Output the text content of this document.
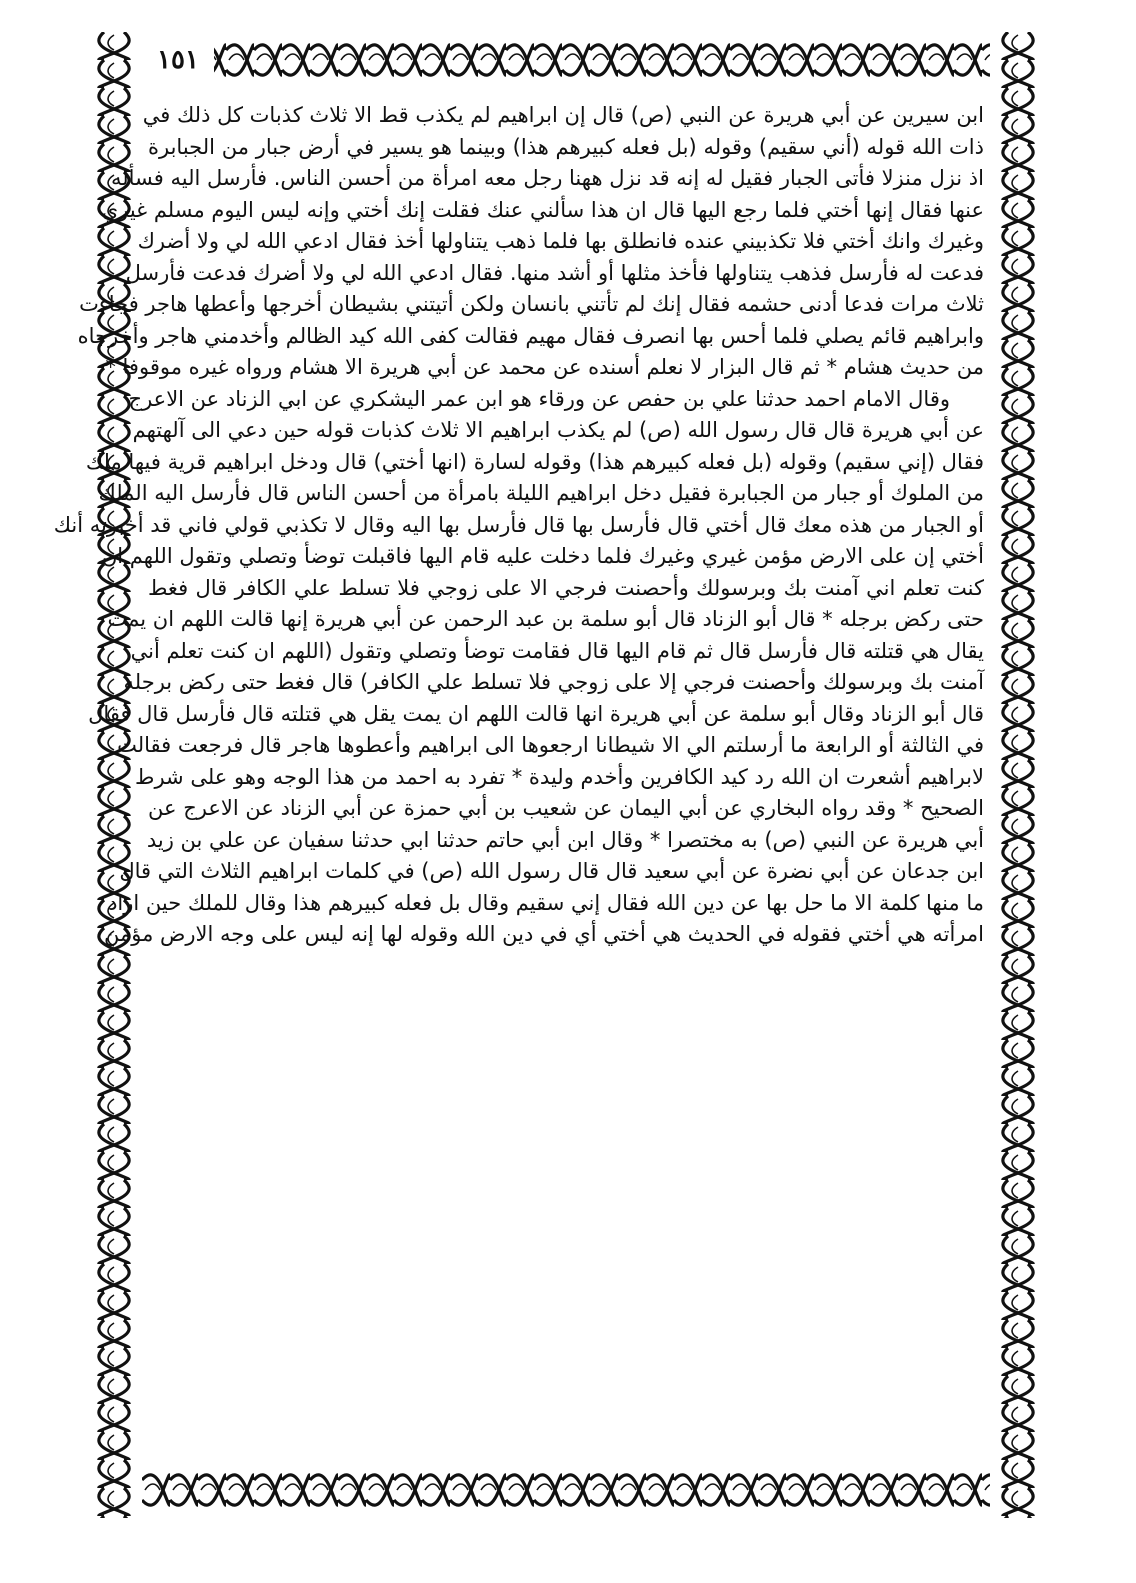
١٥١
ابن سيرين عن أبي هريرة عن النبي (ص) قال إن ابراهيم لم يكذب قط الا ثلاث كذبات كل ذلك في
ذات الله قوله (أني سقيم) وقوله (بل فعله كبيرهم هذا) وبينما هو يسير في أرض جبار من الجبابرة
اذ نزل منزلا فأتى الجبار فقيل له إنه قد نزل ههنا رجل معه امرأة من أحسن الناس. فأرسل اليه فسأله
عنها فقال إنها أختي فلما رجع اليها قال ان هذا سألني عنك فقلت إنك أختي وإنه ليس اليوم مسلم غيري
وغيرك وانك أختي فلا تكذبيني عنده فانطلق بها فلما ذهب يتناولها أخذ فقال ادعي الله لي ولا أضرك
فدعت له فأرسل فذهب يتناولها فأخذ مثلها أو أشد منها. فقال ادعي الله لي ولا أضرك فدعت فأرسل
ثلاث مرات فدعا أدنى حشمه فقال إنك لم تأتني بانسان ولكن أتيتني بشيطان أخرجها وأعطها هاجر فجاءت
وابراهيم قائم يصلي فلما أحس بها انصرف فقال مهيم فقالت كفى الله كيد الظالم وأخدمني هاجر وأخرجاه
من حديث هشام * ثم قال البزار لا نعلم أسنده عن محمد عن أبي هريرة الا هشام ورواه غيره موقوفا *
وقال الامام احمد حدثنا علي بن حفص عن ورقاء هو ابن عمر اليشكري عن ابي الزناد عن الاعرج
عن أبي هريرة قال قال رسول الله (ص) لم يكذب ابراهيم الا ثلاث كذبات قوله حين دعي الى آلهتهم
فقال (إني سقيم) وقوله (بل فعله كبيرهم هذا) وقوله لسارة (انها أختي) قال ودخل ابراهيم قرية فيها ملك
من الملوك أو جبار من الجبابرة فقيل دخل ابراهيم الليلة بامرأة من أحسن الناس قال فأرسل اليه الملك
أو الجبار من هذه معك قال أختي قال فأرسل بها قال فأرسل بها اليه وقال لا تكذبي قولي فاني قد أخبرته أنك
أختي إن على الارض مؤمن غيري وغيرك فلما دخلت عليه قام اليها فاقبلت توضأ وتصلي وتقول اللهم ان
كنت تعلم اني آمنت بك وبرسولك وأحصنت فرجي الا على زوجي فلا تسلط علي الكافر قال فغط
حتى ركض برجله * قال أبو الزناد قال أبو سلمة بن عبد الرحمن عن أبي هريرة إنها قالت اللهم ان يمت
يقال هي قتلته قال فأرسل قال ثم قام اليها قال فقامت توضأ وتصلي وتقول (اللهم ان كنت تعلم أني
آمنت بك وبرسولك وأحصنت فرجي إلا على زوجي فلا تسلط علي الكافر) قال فغط حتى ركض برجله
قال أبو الزناد وقال أبو سلمة عن أبي هريرة انها قالت اللهم ان يمت يقل هي قتلته قال فأرسل قال فقال
في الثالثة أو الرابعة ما أرسلتم الي الا شيطانا ارجعوها الى ابراهيم وأعطوها هاجر قال فرجعت فقالت
لابراهيم أشعرت ان الله رد كيد الكافرين وأخدم وليدة * تفرد به احمد من هذا الوجه وهو على شرط
الصحيح * وقد رواه البخاري عن أبي اليمان عن شعيب بن أبي حمزة عن أبي الزناد عن الاعرج عن
أبي هريرة عن النبي (ص) به مختصرا * وقال ابن أبي حاتم حدثنا ابي حدثنا سفيان عن علي بن زيد
ابن جدعان عن أبي نضرة عن أبي سعيد قال قال رسول الله (ص) في كلمات ابراهيم الثلاث التي قال
ما منها كلمة الا ما حل بها عن دين الله فقال إني سقيم وقال بل فعله كبيرهم هذا وقال للملك حين اراد
امرأته هي أختي فقوله في الحديث هي أختي أي في دين الله وقوله لها إنه ليس على وجه الارض مؤمن
